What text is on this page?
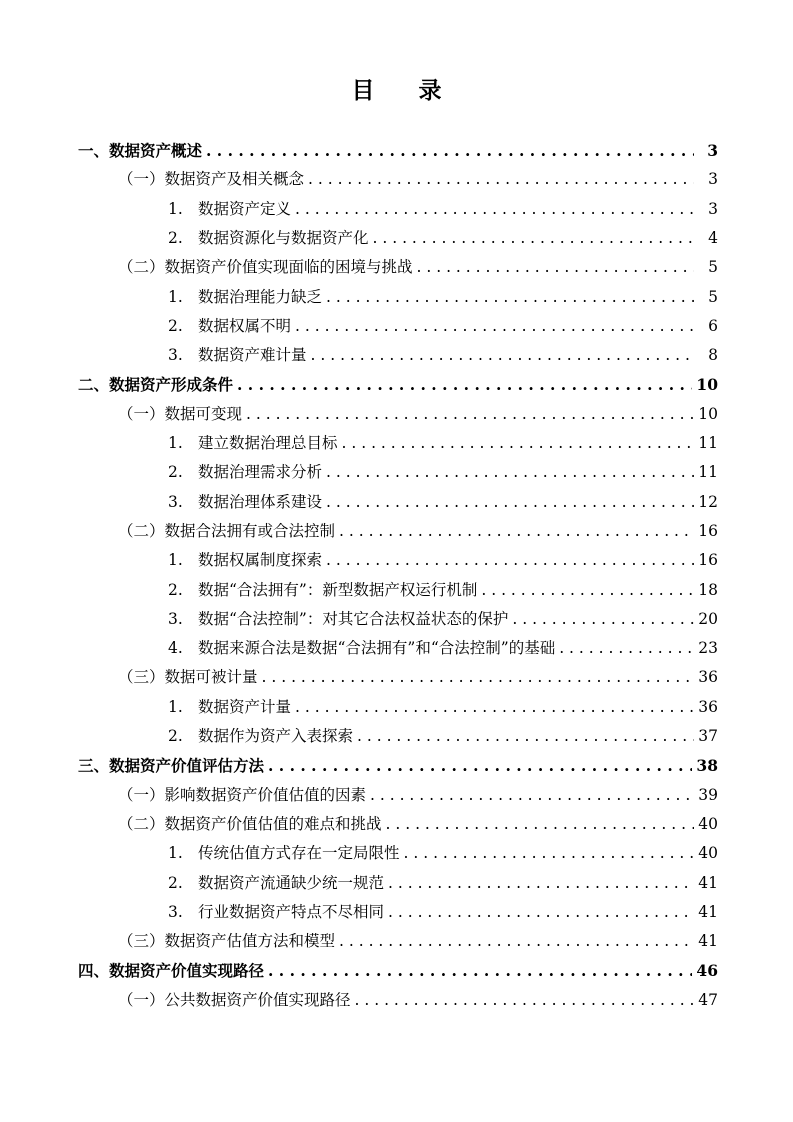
目 录
一、数据资产概述 . . .	3
（一）数据资产及相关概念 . . .	3
1. 数据资产定义 . . .	3
2. 数据资源化与数据资产化 . . .	4
（二）数据资产价值实现面临的困境与挑战 . . .	5
1. 数据治理能力缺乏 . . .	5
2. 数据权属不明 . . .	6
3. 数据资产难计量 . . .	8
二、数据资产形成条件 . . .	10
（一）数据可变现 . . .	10
1. 建立数据治理总目标 . . .	11
2. 数据治理需求分析 . . .	11
3. 数据治理体系建设 . . .	12
（二）数据合法拥有或合法控制 . . .	16
1. 数据权属制度探索 . . .	16
2. 数据“合法拥有”：新型数据产权运行机制 . . .	18
3. 数据“合法控制”：对其它合法权益状态的保护 . . .	20
4. 数据来源合法是数据“合法拥有”和“合法控制”的基础 . . .	23
（三）数据可被计量 . . .	36
1. 数据资产计量 . . .	36
2. 数据作为资产入表探索 . . .	37
三、数据资产价值评估方法 . . .	38
（一）影响数据资产价值估值的因素 . . .	39
（二）数据资产价值估值的难点和挑战 . . .	40
1. 传统估值方式存在一定局限性 . . .	40
2. 数据资产流通缺少统一规范 . . .	41
3. 行业数据资产特点不尽相同 . . .	41
（三）数据资产估值方法和模型 . . .	41
四、数据资产价值实现路径 . . .	46
（一）公共数据资产价值实现路径 . . .	47
